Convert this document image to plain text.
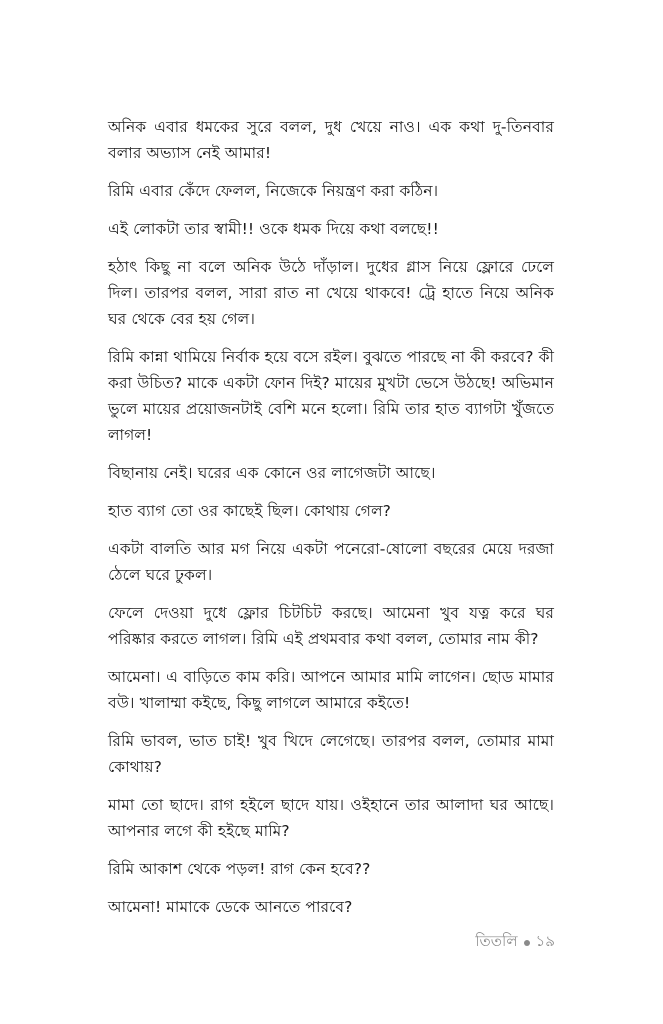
অনিক এবার ধমকের সুরে বলল, দুধ খেয়ে নাও। এক কথা দু-তিনবার বলার অভ্যাস নেই আমার!

রিমি এবার কেঁদে ফেলল, নিজেকে নিয়ন্ত্রণ করা কঠিন।

এই লোকটা তার স্বামী!! ওকে ধমক দিয়ে কথা বলছে!!

হঠাৎ কিছু না বলে অনিক উঠে দাঁড়াল। দুধের গ্লাস নিয়ে ফ্লোরে ঢেলে দিল। তারপর বলল, সারা রাত না খেয়ে থাকবে! ট্রে হাতে নিয়ে অনিক ঘর থেকে বের হয় গেল।

রিমি কান্না থামিয়ে নির্বাক হয়ে বসে রইল। বুঝতে পারছে না কী করবে? কী করা উচিত? মাকে একটা ফোন দিই? মায়ের মুখটা ভেসে উঠছে! অভিমান ভুলে মায়ের প্রয়োজনটাই বেশি মনে হলো। রিমি তার হাত ব্যাগটা খুঁজতে লাগল!

বিছানায় নেই। ঘরের এক কোনে ওর লাগেজটা আছে।

হাত ব্যাগ তো ওর কাছেই ছিল। কোথায় গেল?

একটা বালতি আর মগ নিয়ে একটা পনেরো-ষোলো বছরের মেয়ে দরজা ঠেলে ঘরে ঢুকল।

ফেলে দেওয়া দুধে ফ্লোর চিটচিট করছে। আমেনা খুব যত্ন করে ঘর পরিষ্কার করতে লাগল। রিমি এই প্রথমবার কথা বলল, তোমার নাম কী?

আমেনা। এ বাড়িতে কাম করি। আপনে আমার মামি লাগেন। ছোড মামার বউ। খালাম্মা কইছে, কিছু লাগলে আমারে কইতে!

রিমি ভাবল, ভাত চাই! খুব খিদে লেগেছে। তারপর বলল, তোমার মামা কোথায়?

মামা তো ছাদে। রাগ হইলে ছাদে যায়। ওইহানে তার আলাদা ঘর আছে। আপনার লগে কী হইছে মামি?

রিমি আকাশ থেকে পড়ল! রাগ কেন হবে??

আমেনা! মামাকে ডেকে আনতে পারবে?

তিতলি ১৯
